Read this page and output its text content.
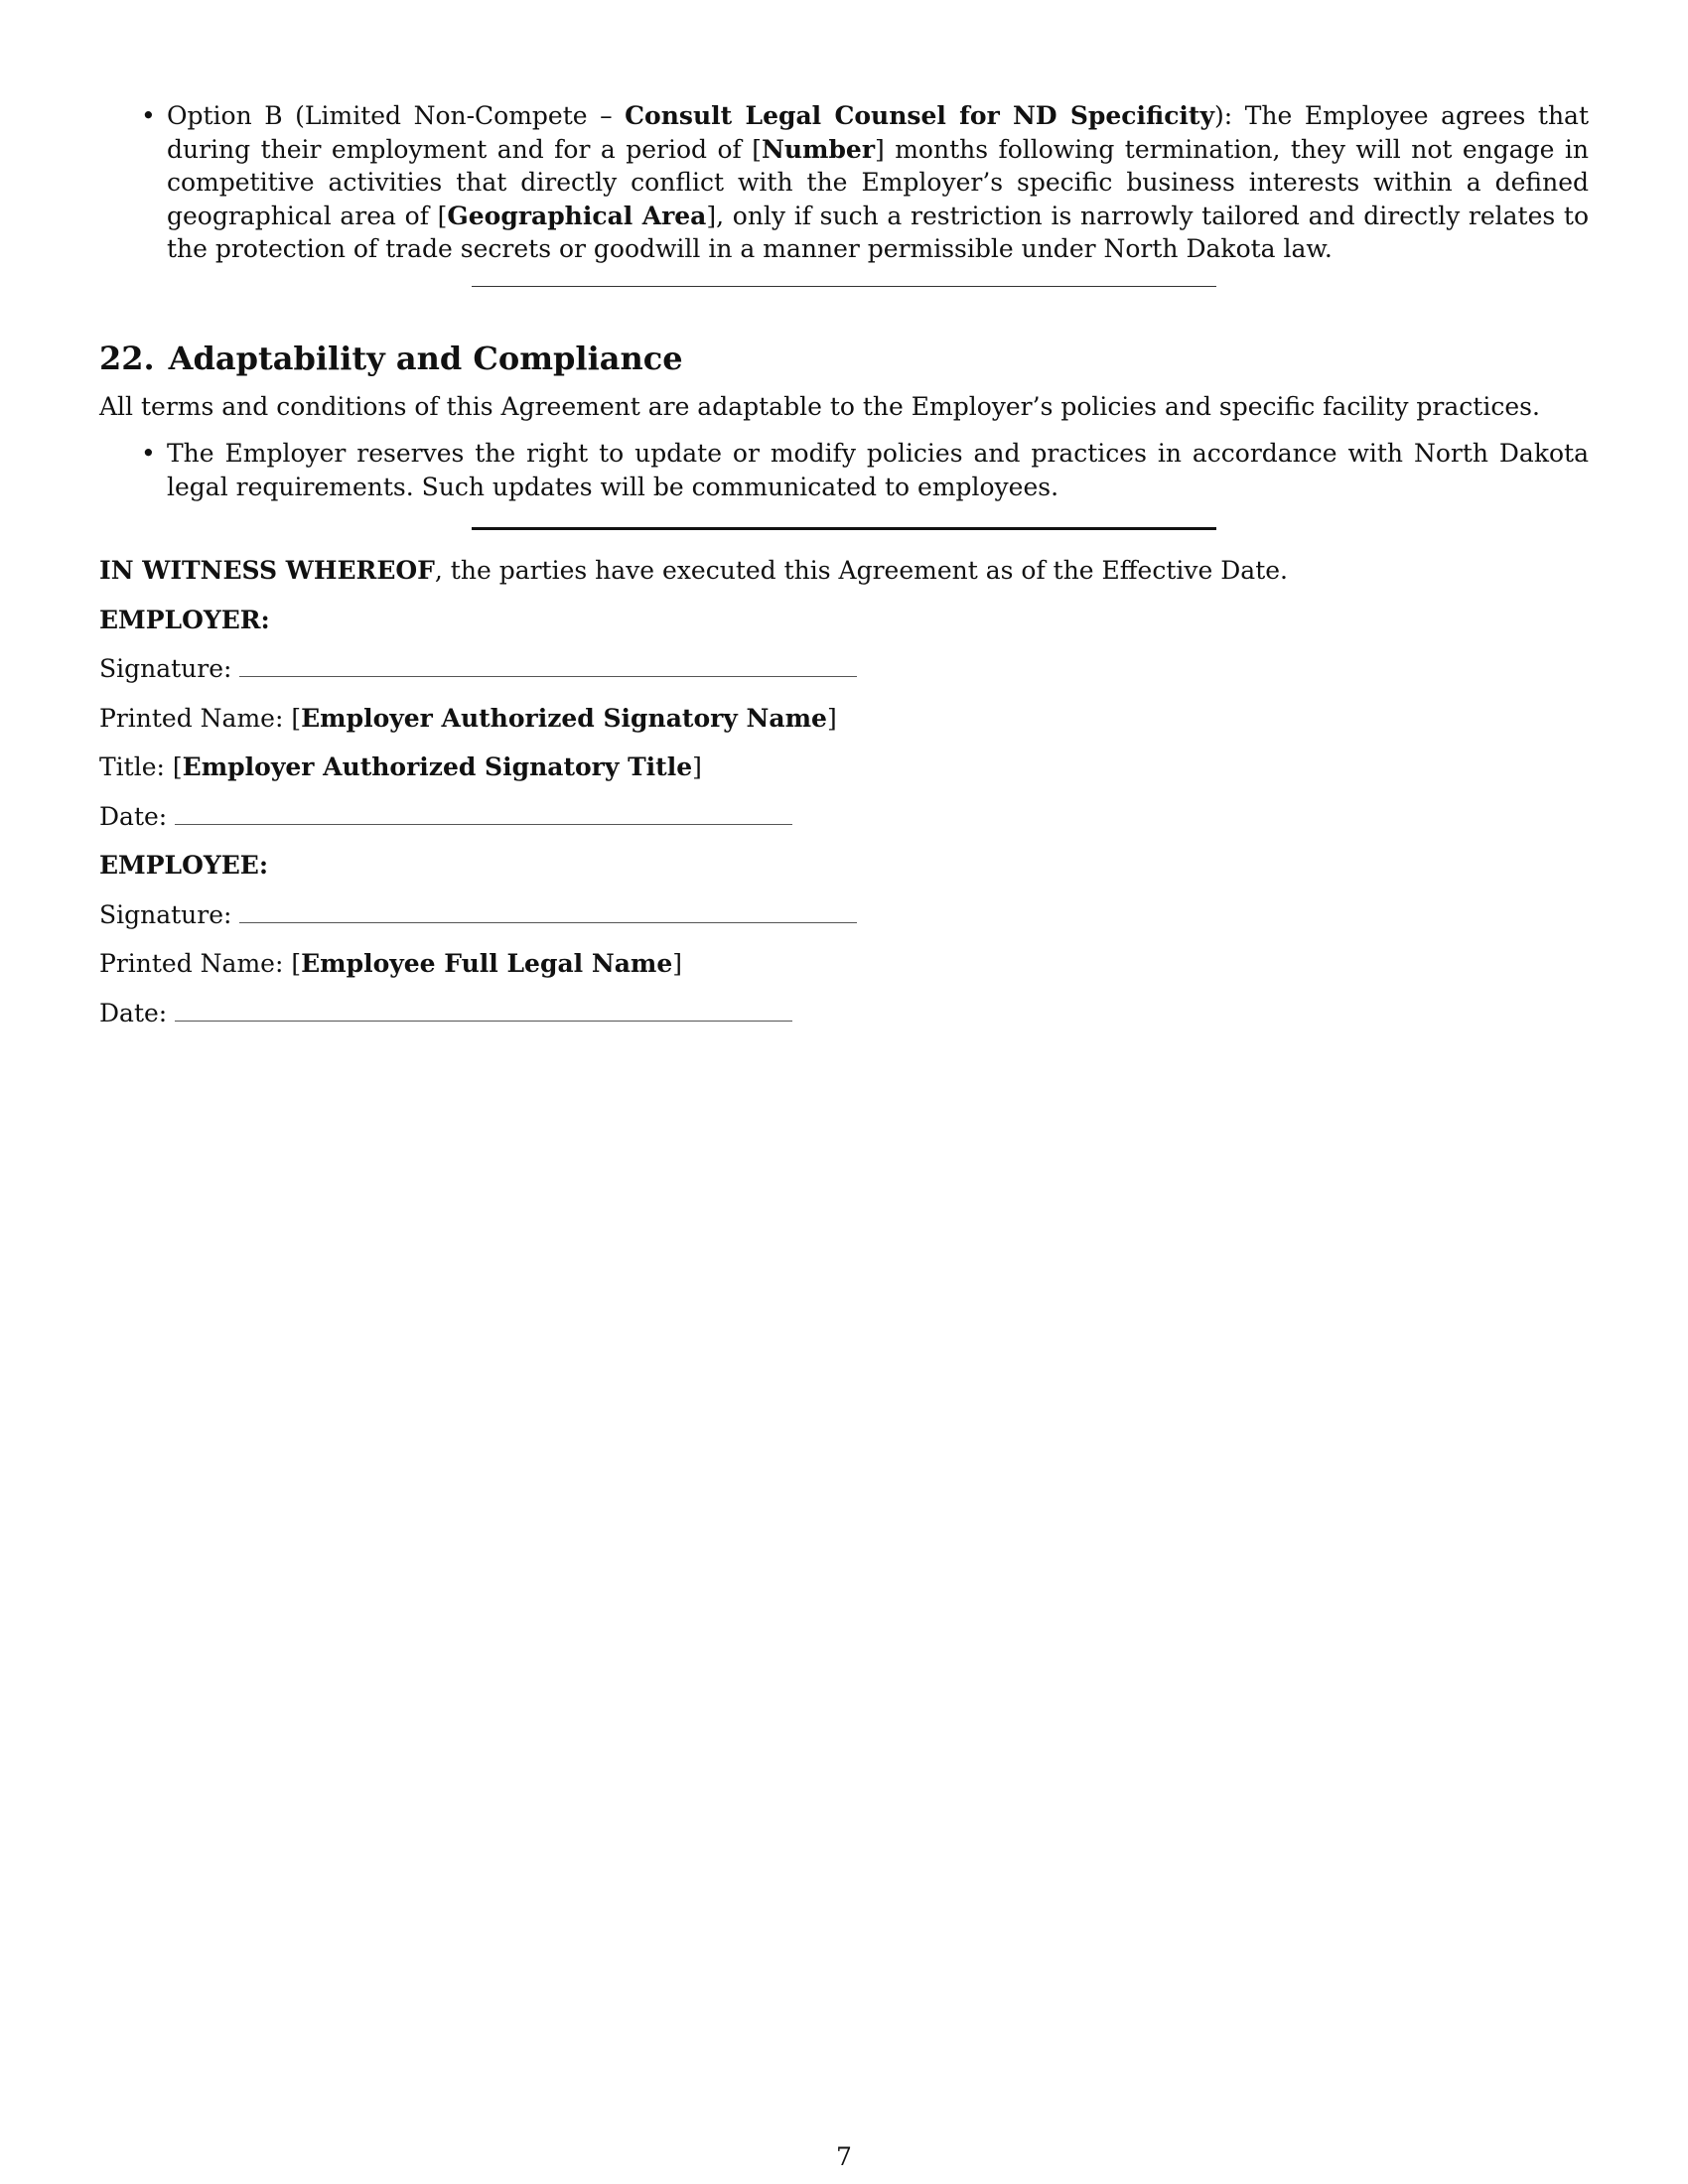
• Option B (Limited Non-Compete – Consult Legal Counsel for ND Specificity): The Employee agrees that during their employment and for a period of [Number] months following termination, they will not engage in competitive activities that directly conflict with the Employer’s specific business interests within a defined geographical area of [Geographical Area], only if such a restriction is narrowly tailored and directly relates to the protection of trade secrets or goodwill in a manner permissible under North Dakota law.
22. Adaptability and Compliance

All terms and conditions of this Agreement are adaptable to the Employer’s policies and specific facility practices.

• The Employer reserves the right to update or modify policies and practices in accordance with North Dakota legal requirements. Such updates will be communicated to employees.

IN WITNESS WHEREOF, the parties have executed this Agreement as of the Effective Date.

EMPLOYER:
Signature:
Printed Name: [Employer Authorized Signatory Name]
Title: [Employer Authorized Signatory Title]
Date:
EMPLOYEE:
Signature:
Printed Name: [Employee Full Legal Name]
Date:
7
